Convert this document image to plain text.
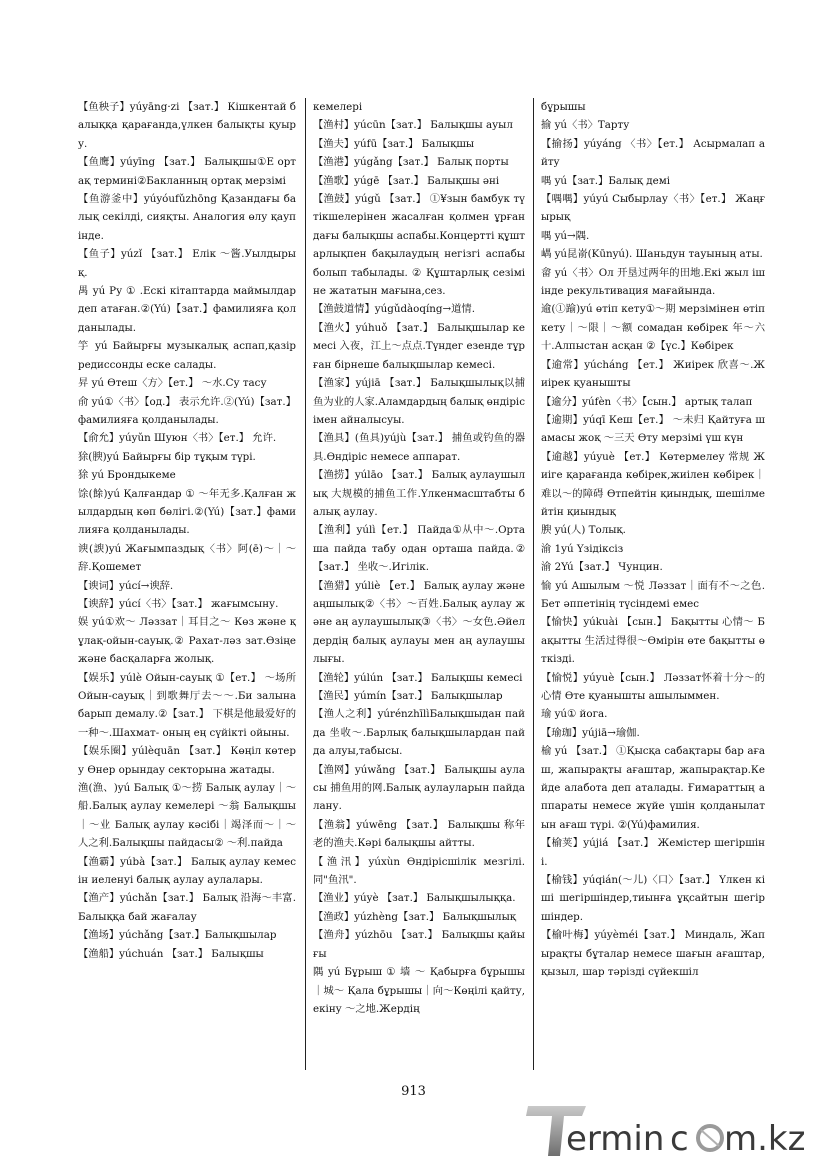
【鱼秧子】yúyāng·zi 【зат.】 Кішкентай балыққа қарағанда,үлкен балықты қуыру.

【鱼鹰】yúyīng 【зат.】 Балықшы①Е ортақ термині②Бакланның ортақ мерзімі

【鱼游釜中】yúyóufǔzhōng Қазандағы балық секілді, сияқты. Аналогия өлу қаупінде.

【鱼子】yúzǐ 【зат.】 Елік ～酱.Уылдырық.

禺 yú Ру ① .Ескі кітаптарда маймылдар деп атаған.②(Yú)【зат.】фамилияға қолданылады.

竽 yú Байырғы музыкалық аспап,қазір редиссонды еске салады.

昇 yú Өтеш〈方〉【ет.】 ～水.Су тасу

俞 yú①〈书〉【од.】 表示允许.②(Yú)【зат.】фамилияға қолданылады.

【俞允】yúyǔn Шуюн〈书〉【ет.】 允许.

狳(腴)yú Байырғы бір тұқым түрі.

狳 yú Брондыкеме

馀(餘)yú Қалғандар ① ～年无多.Қалған жылдардың көп бөлігі.②(Yú)【зат.】фамилияға қолданылады.

谀(諛)yú Жағымпаздық〈书〉阿(ē)～｜～辞.Қошемет

【谀词】yúcí→谀辞.

【谀辞】yúcí〈书〉【зат.】 жағымсыну.

娱 yú①欢～ Ләззат｜耳目之～ Көз және құлақ-ойын-сауық.② Рахат-ләз зат.Өзіңе және басқаларға жолық.

【娱乐】yúlè Ойын-сауық ①【ет.】 ～场所 Ойын-сауық｜到歌舞厅去～～.Би залына барып демалу.②【зат.】 下棋是他最爱好的一种～.Шахмат- оның ең сүйікті ойыны.

【娱乐圈】yúlèquān 【зат.】 Көңіл көтеру Өнер орындау секторына жатады.

渔(漁、󠄀)yú Балық ①～捞 Балық аулау｜～船.Балық аулау кемелері ～翁 Балықшы｜～业 Балық аулау кәсібі｜竭泽而～｜～人之利.Балықшы пайдасы② ～利.пайда

【渔霸】yúbà【зат.】 Балық аулау кемесін иеленуі балық аулау аулалары.

【渔产】yúchǎn【зат.】 Балық 沿海～丰富.Балыққа бай жағалау

【渔场】yúchǎng【зат.】Балықшылар

【渔船】yúchuán 【зат.】 Балықшы

кемелері

【渔村】yúcūn【зат.】 Балықшы ауыл

【渔夫】yúfū【зат.】 Балықшы

【渔港】yúgǎng【зат.】 Балық порты

【渔歌】yúgē 【зат.】 Балықшы әні

【渔鼓】yúgǔ 【зат.】 ①¥зын бамбук түтікшелерінен жасалған қолмен ұрғандағы балықшы аспабы.Концертті құштарлықпен бақылаудың негізгі аспабы болып табылады. ② Құштарлық сезіміне жататын мағына,сез.

【渔鼓道情】yúgǔdàoqíng→道情.

【渔火】yúhuǒ 【зат.】 Балықшылар кемесі 入夜，江上～点点.Түндег езенде тұрған бірнеше балықшылар кемесі.

【渔家】yújiā 【зат.】 Балықшылық以捕鱼为业的人家.Аламдардың балық өндірісімен айналысуы.

【渔具】(鱼具)yújù【зат.】 捕鱼或钓鱼的器具.Өндіріс немесе аппарат.

【渔捞】yúlāo 【зат.】 Балық аулаушылық 大规模的捕鱼工作.Үлкенмасштабты балық аулау.

【渔利】yúlì【ет.】 Пайда①从中～.Орташа пайда табу одан орташа пайда.②【зат.】 坐收～.Игілік.

【渔猎】yúliè 【ет.】 Балық аулау және аңшылық②〈书〉～百姓.Балық аулау және аң аулаушылық③〈书〉～女色.Әйелдердің балық аулауы мен аң аулаушылығы.

【渔轮】yúlún 【зат.】 Балықшы кемесі

【渔民】yúmín【зат.】 Балықшылар

【渔人之利】yúrénzhīlìБалықшыдан пайда 坐收～.Барлық балықшылардан пайда алуы,табысы.

【渔网】yúwǎng 【зат.】 Балықшы ауласы 捕鱼用的网.Балық аулауларын пайдалану.

【渔翁】yúwēng 【зат.】 Балықшы 称年老的渔夫.Кәрі балықшы айтты.

【渔汛】yúxùn Өндірісшілік мезгілі.同"鱼汛".

【渔业】yúyè 【зат.】 Балықшылыққа.

【渔政】yúzhèng【зат.】 Балықшылық

【渔舟】yúzhōu 【зат.】 Балықшы қайығы

隅 yú Бұрыш ① 墙 ～ Қабырға бұрышы｜城～ Қала бұрышы｜向～Көңілі қайту, екіну ～之地.Жердің

бұрышы

揄 yú〈书〉Тарту

【揄扬】yúyáng 〈书〉【ет.】 Асырмалап айту

喁 yú【зат.】Балық демі

【喁喁】yúyú Сыбырлау〈书〉【ет.】 Жаңғырық

喁 yú→隅.

嵎 yú昆嵛(Kūnyú). Шаньдун тауының аты.

畲 yú〈书〉Ол 开垦过两年的田地.Екі жыл ішінде рекультивация мағайында.

逾(①踰)yú өтіп кету①～期 мерзімінен өтіп кету｜～限｜～额 сомадан көбірек 年～六十.Алпыстан асқан ②【үс.】Көбірек

【逾常】yúcháng 【ет.】 Жиірек 欣喜～.Жиірек қуанышты

【逾分】yúfèn〈书〉【сын.】 артық талап

【逾期】yúqī Кеш【ет.】 ～未归 Қайтуға шамасы жоқ ～三天 Өту мерзімі үш күн

【逾越】yúyuè 【ет.】 Көтермелеу 常规 Жиіге қарағанда көбірек,жиілен көбірек｜难以～的障碍 Өтпейтін қиындық, шешілмейтін қиындық

腴 yú(人) Толық.

渝 1yú Үзідіксіз

渝 2Yú【зат.】 Чунцин.

愉 yú Ашылым ～悦 Ләззат｜面有不～之色.Бет әппетінің түсіндемі емес

【愉快】yúkuài 【сын.】 Бақытты 心情～ Бақытты 生活过得很～Өмірін өте бақытты өткізді.

【愉悦】yúyuè【сын.】 Ләззат怀着十分～的心情 Өте қуанышты ашылыммен.

瑜 yú① йога.

【瑜珈】yújiā→瑜伽.

榆 yú 【зат.】 ①Қысқа сабақтары бар ағаш, жапырақты ағаштар, жапырақтар.Кейде алабота деп аталады. Ғимараттың аппараты немесе жүйе үшін қолданылатын ағаш түрі. ②(Yú)фамилия.

【榆荚】yújiá 【зат.】 Жемістер шегіршіні.

【榆钱】yúqián(～儿)〈口〉【зат.】 Үлкен кіші шегіршіндер,тиынға ұқсайтын шегіршіндер.

【榆叶梅】yúyèméi【зат.】 Миндаль, Жапырақты бұталар немесе шағын ағаштар, қызыл, шар тәрізді сүйекшіл

913
ermin c m.kz
